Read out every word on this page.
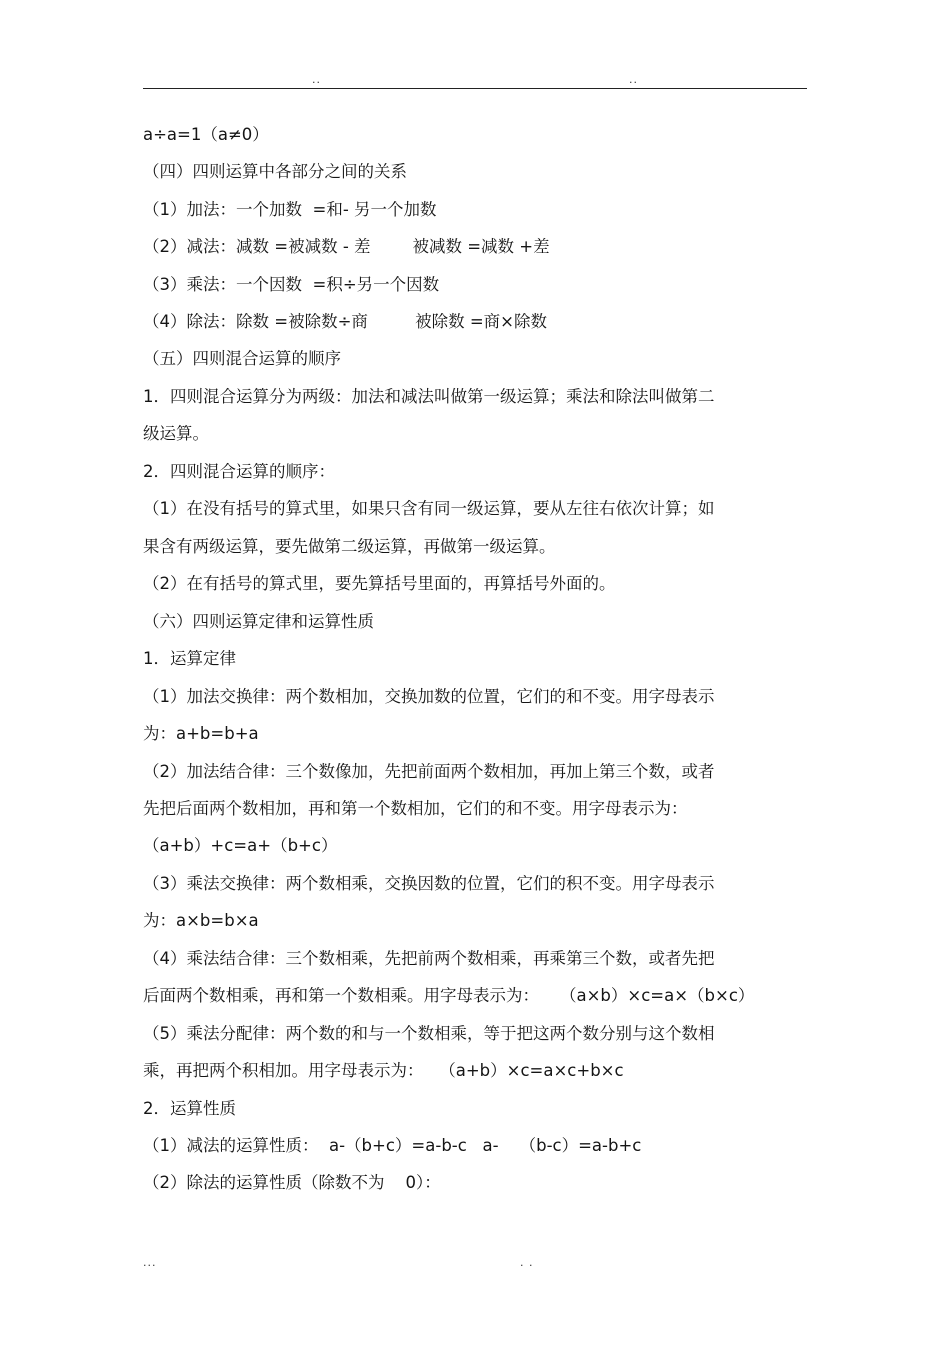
..	..
a÷a=1（a≠0）
（四）四则运算中各部分之间的关系
（1）加法：一个加数  =和- 另一个加数
（2）减法：减数 =被减数 - 差        被减数 =减数 +差
（3）乘法：一个因数  =积÷另一个因数
（4）除法：除数 =被除数÷商         被除数 =商×除数
（五）四则混合运算的顺序
1．四则混合运算分为两级：加法和减法叫做第一级运算；乘法和除法叫做第二
级运算。
2．四则混合运算的顺序：
（1）在没有括号的算式里，如果只含有同一级运算，要从左往右依次计算；如
果含有两级运算，要先做第二级运算，再做第一级运算。
（2）在有括号的算式里，要先算括号里面的，再算括号外面的。
（六）四则运算定律和运算性质
1．运算定律
（1）加法交换律：两个数相加，交换加数的位置，它们的和不变。用字母表示
为：a+b=b+a
（2）加法结合律：三个数像加，先把前面两个数相加，再加上第三个数，或者
先把后面两个数相加，再和第一个数相加，它们的和不变。用字母表示为：
（a+b）+c=a+（b+c）
（3）乘法交换律：两个数相乘，交换因数的位置，它们的积不变。用字母表示
为：a×b=b×a
（4）乘法结合律：三个数相乘，先把前两个数相乘，再乘第三个数，或者先把
后面两个数相乘，再和第一个数相乘。用字母表示为：    （a×b）×c=a×（b×c）
（5）乘法分配律：两个数的和与一个数相乘，等于把这两个数分别与这个数相
乘，再把两个积相加。用字母表示为：   （a+b）×c=a×c+b×c
2．运算性质
（1）减法的运算性质：  a-（b+c）=a-b-c   a-    （b-c）=a-b+c
（2）除法的运算性质（除数不为    0）：
...	. .
